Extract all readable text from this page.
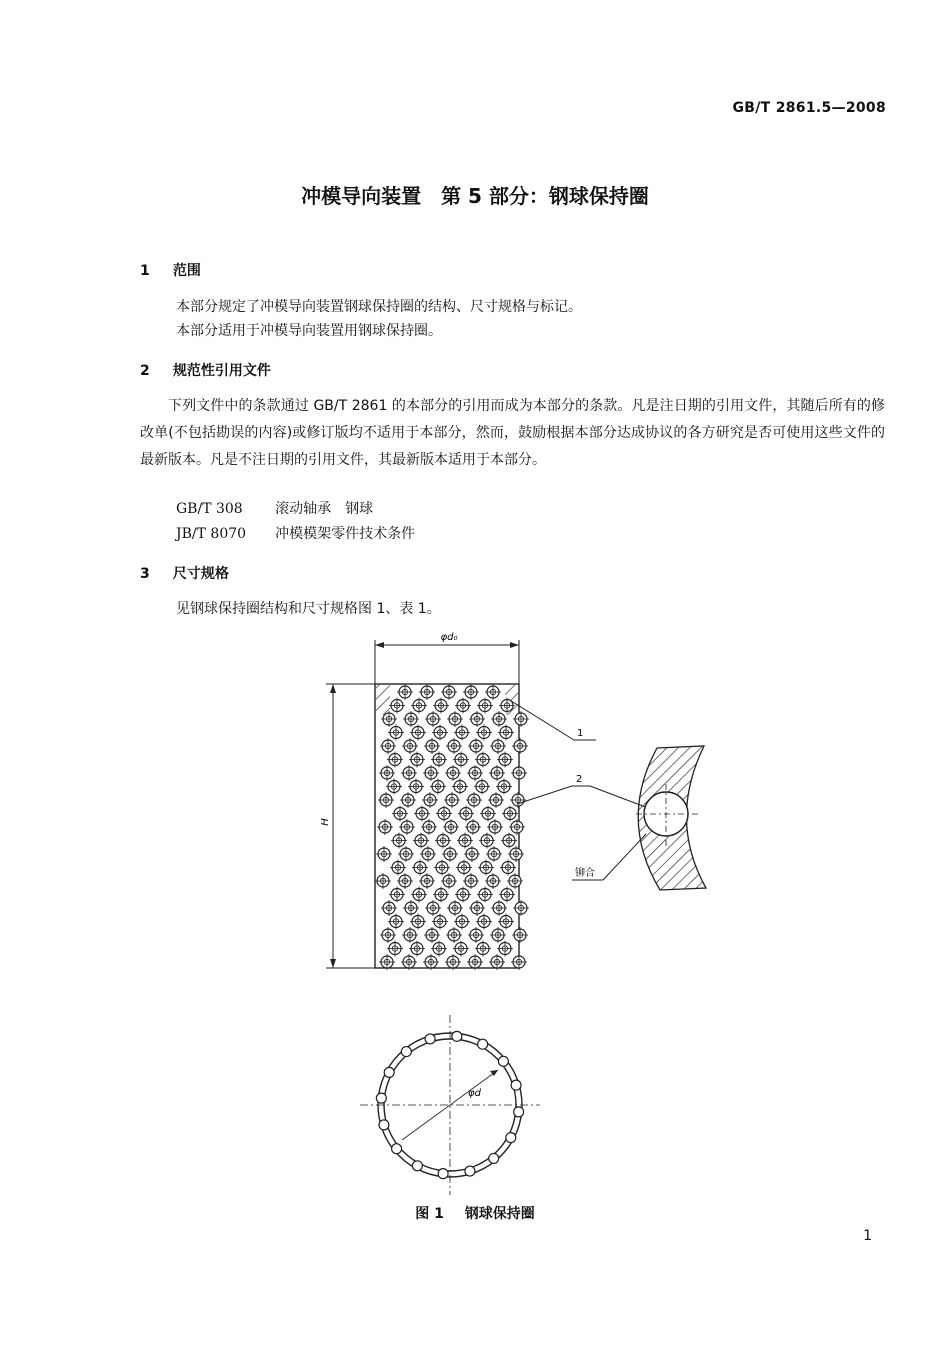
GB/T 2861.5—2008
冲模导向装置　第 5 部分：钢球保持圈
1 范围
本部分规定了冲模导向装置钢球保持圈的结构、尺寸规格与标记。
本部分适用于冲模导向装置用钢球保持圈。
2 规范性引用文件
下列文件中的条款通过 GB/T 2861 的本部分的引用而成为本部分的条款。凡是注日期的引用文件，其随后所有的修改单(不包括勘误的内容)或修订版均不适用于本部分，然而，鼓励根据本部分达成协议的各方研究是否可使用这些文件的最新版本。凡是不注日期的引用文件，其最新版本适用于本部分。
GB/T 308 滚动轴承　钢球
JB/T 8070 冲模模架零件技术条件
3 尺寸规格
见钢球保持圈结构和尺寸规格图 1、表 1。
φd₀
H
1
2
铆合
φd
图 1 钢球保持圈
1
